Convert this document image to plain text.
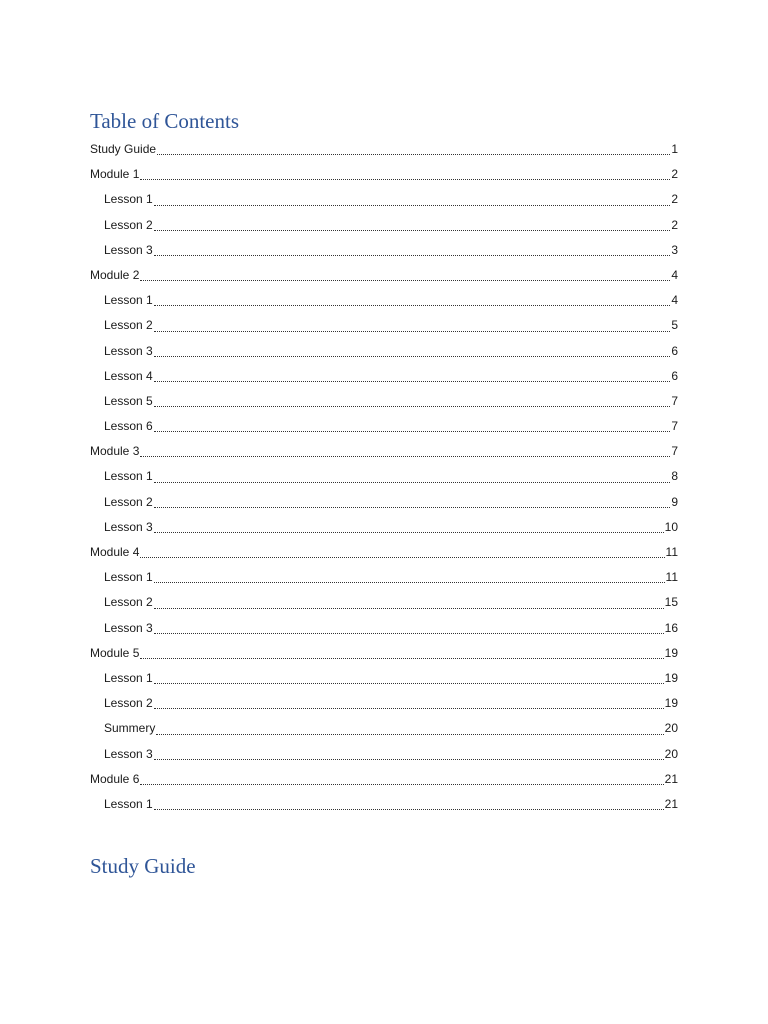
Table of Contents
Study Guide	1
Module 1	2
Lesson 1	2
Lesson 2	2
Lesson 3	3
Module 2	4
Lesson 1	4
Lesson 2	5
Lesson 3	6
Lesson 4	6
Lesson 5	7
Lesson 6	7
Module 3	7
Lesson 1	8
Lesson 2	9
Lesson 3	10
Module 4	11
Lesson 1	11
Lesson 2	15
Lesson 3	16
Module 5	19
Lesson 1	19
Lesson 2	19
Summery	20
Lesson 3	20
Module 6	21
Lesson 1	21
Study Guide
